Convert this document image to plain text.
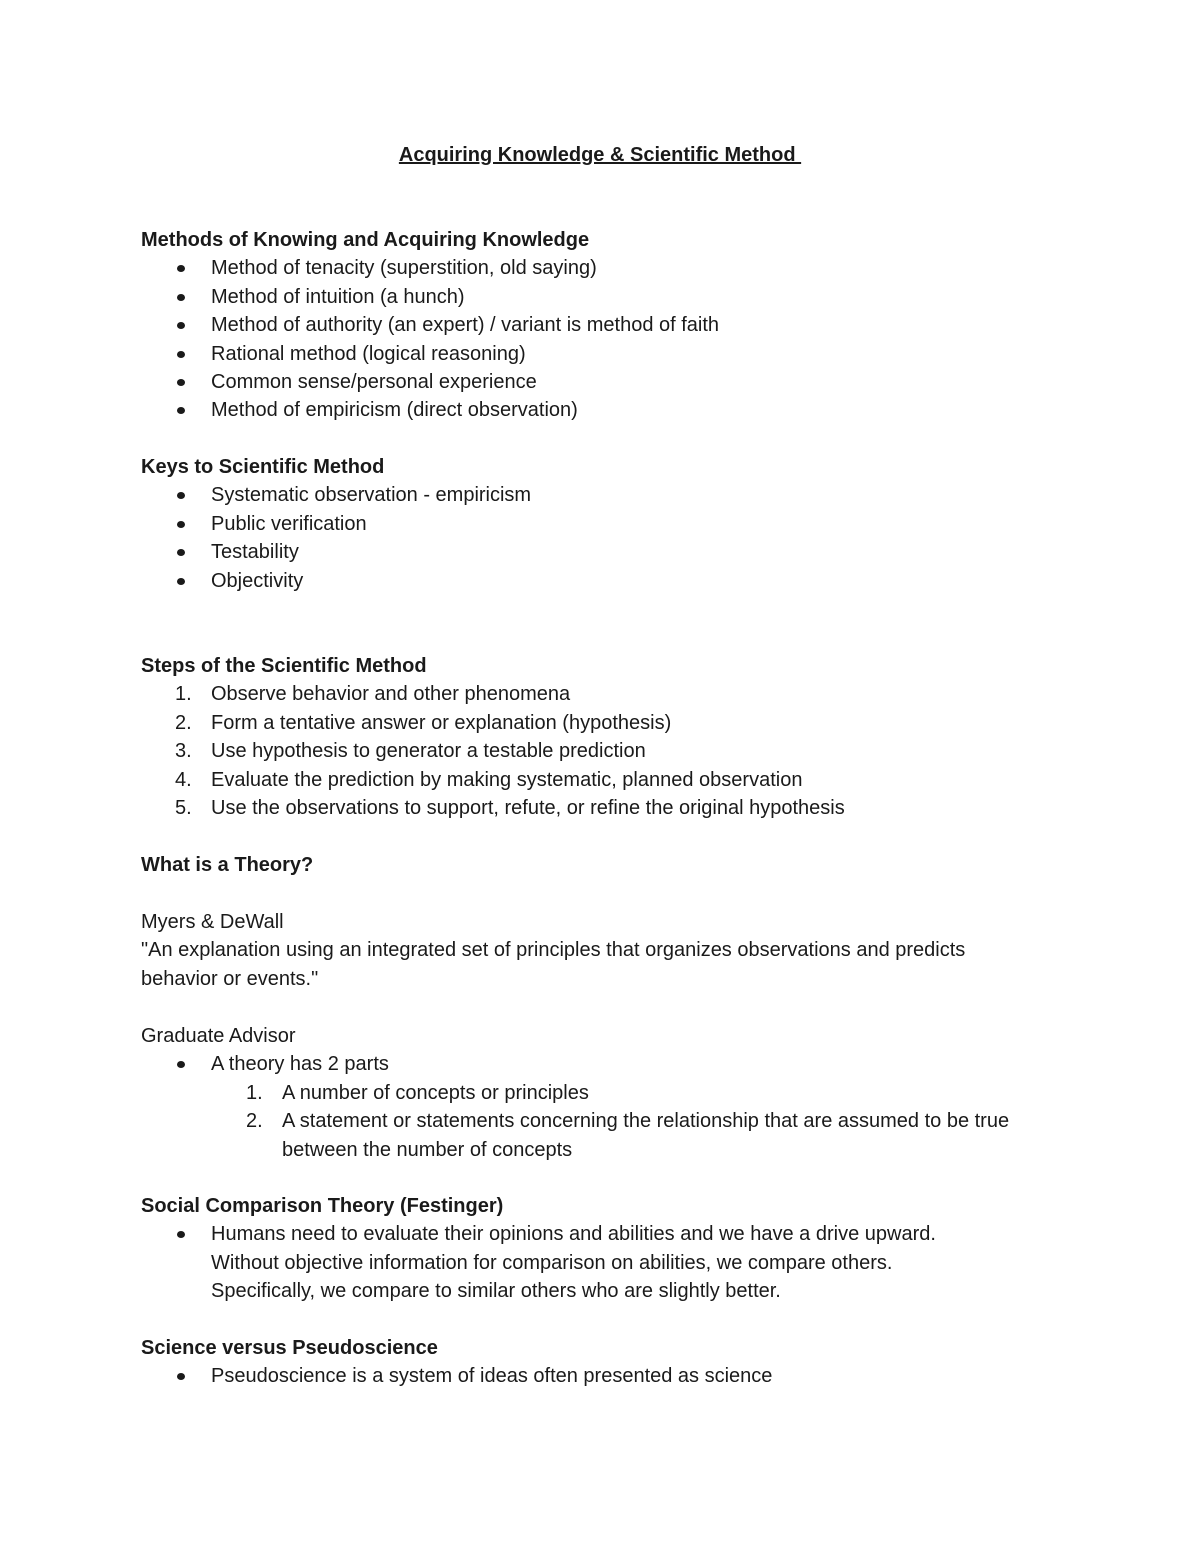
Acquiring Knowledge & Scientific Method

Methods of Knowing and Acquiring Knowledge

Method of tenacity (superstition, old saying)
Method of intuition (a hunch)
Method of authority (an expert) / variant is method of faith
Rational method (logical reasoning)
Common sense/personal experience
Method of empiricism (direct observation)

Keys to Scientific Method

Systematic observation - empiricism
Public verification
Testability
Objectivity

Steps of the Scientific Method

1. Observe behavior and other phenomena
2. Form a tentative answer or explanation (hypothesis)
3. Use hypothesis to generator a testable prediction
4. Evaluate the prediction by making systematic, planned observation
5. Use the observations to support, refute, or refine the original hypothesis

What is a Theory?

Myers & DeWall

"An explanation using an integrated set of principles that organizes observations and predicts behavior or events."

Graduate Advisor

A theory has 2 parts
1. A number of concepts or principles
2. A statement or statements concerning the relationship that are assumed to be true between the number of concepts

Social Comparison Theory (Festinger)

Humans need to evaluate their opinions and abilities and we have a drive upward. Without objective information for comparison on abilities, we compare others. Specifically, we compare to similar others who are slightly better.

Science versus Pseudoscience

Pseudoscience is a system of ideas often presented as science
